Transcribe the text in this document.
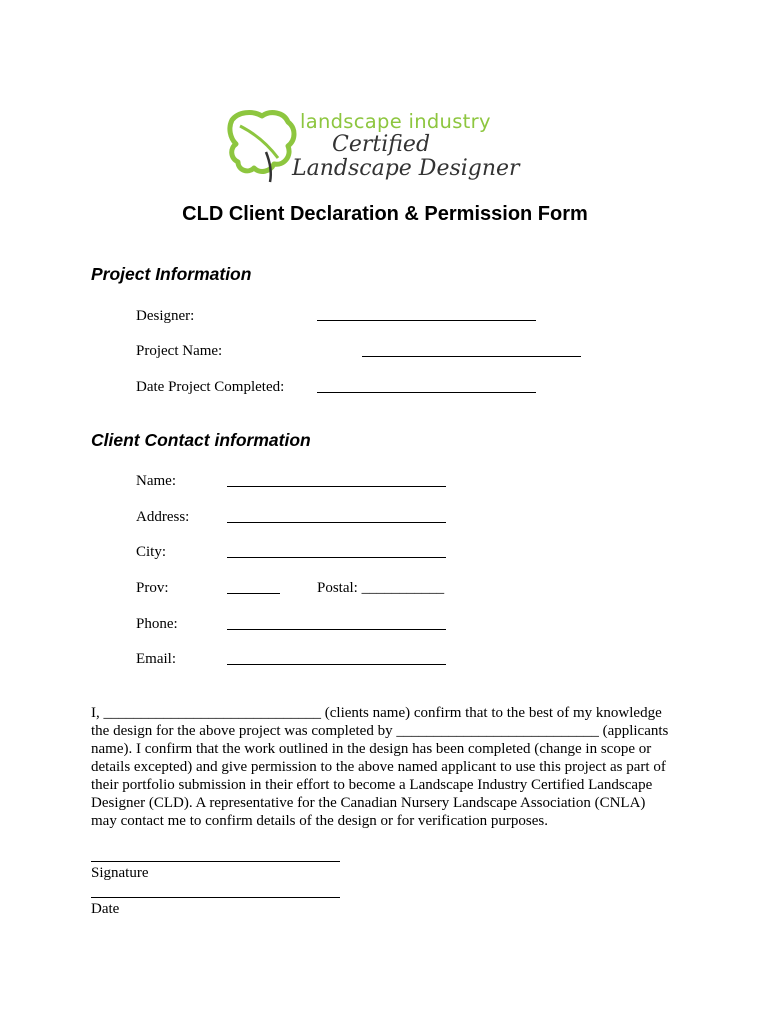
landscape industry
Certified
Landscape Designer
CLD Client Declaration & Permission Form
Project Information
Designer:
Project Name:
Date Project Completed:
Client Contact information
Name:
Address:
City:
Prov:	Postal: ___________
Phone:
Email:
I, _____________________________ (clients name) confirm that to the best of my knowledge
the design for the above project was completed by ___________________________ (applicants
name). I confirm that the work outlined in the design has been completed (change in scope or
details excepted) and give permission to the above named applicant to use this project as part of
their portfolio submission in their effort to become a Landscape Industry Certified Landscape
Designer (CLD). A representative for the Canadian Nursery Landscape Association (CNLA)
may contact me to confirm details of the design or for verification purposes.
Signature
Date
